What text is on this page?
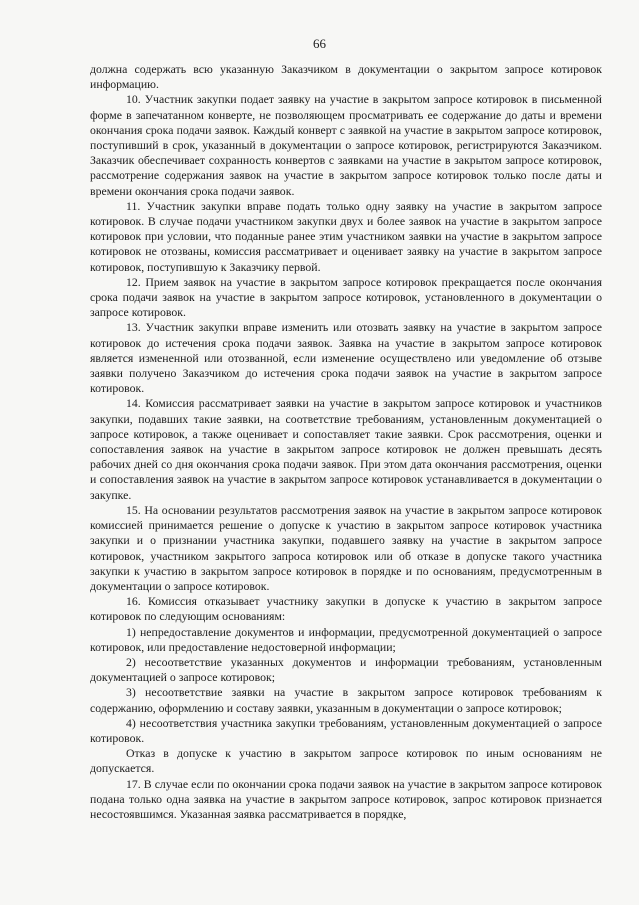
66

должна содержать всю указанную Заказчиком в документации о закрытом запросе котировок информацию.

10. Участник закупки подает заявку на участие в закрытом запросе котировок в письменной форме в запечатанном конверте, не позволяющем просматривать ее содержание до даты и времени окончания срока подачи заявок. Каждый конверт с заявкой на участие в закрытом запросе котировок, поступивший в срок, указанный в документации о запросе котировок, регистрируются Заказчиком. Заказчик обеспечивает сохранность конвертов с заявками на участие в закрытом запросе котировок, рассмотрение содержания заявок на участие в закрытом запросе котировок только после даты и времени окончания срока подачи заявок.

11. Участник закупки вправе подать только одну заявку на участие в закрытом запросе котировок. В случае подачи участником закупки двух и более заявок на участие в закрытом запросе котировок при условии, что поданные ранее этим участником заявки на участие в закрытом запросе котировок не отозваны, комиссия рассматривает и оценивает заявку на участие в закрытом запросе котировок, поступившую к Заказчику первой.

12. Прием заявок на участие в закрытом запросе котировок прекращается после окончания срока подачи заявок на участие в закрытом запросе котировок, установленного в документации о запросе котировок.

13. Участник закупки вправе изменить или отозвать заявку на участие в закрытом запросе котировок до истечения срока подачи заявок. Заявка на участие в закрытом запросе котировок является измененной или отозванной, если изменение осуществлено или уведомление об отзыве заявки получено Заказчиком до истечения срока подачи заявок на участие в закрытом запросе котировок.

14. Комиссия рассматривает заявки на участие в закрытом запросе котировок и участников закупки, подавших такие заявки, на соответствие требованиям, установленным документацией о запросе котировок, а также оценивает и сопоставляет такие заявки. Срок рассмотрения, оценки и сопоставления заявок на участие в закрытом запросе котировок не должен превышать десять рабочих дней со дня окончания срока подачи заявок. При этом дата окончания рассмотрения, оценки и сопоставления заявок на участие в закрытом запросе котировок устанавливается в документации о закупке.

15. На основании результатов рассмотрения заявок на участие в закрытом запросе котировок комиссией принимается решение о допуске к участию в закрытом запросе котировок участника закупки и о признании участника закупки, подавшего заявку на участие в закрытом запросе котировок, участником закрытого запроса котировок или об отказе в допуске такого участника закупки к участию в закрытом запросе котировок в порядке и по основаниям, предусмотренным в документации о запросе котировок.

16. Комиссия отказывает участнику закупки в допуске к участию в закрытом запросе котировок по следующим основаниям:

1) непредоставление документов и информации, предусмотренной документацией о запросе котировок, или предоставление недостоверной информации;

2) несоответствие указанных документов и информации требованиям, установленным документацией о запросе котировок;

3) несоответствие заявки на участие в закрытом запросе котировок требованиям к содержанию, оформлению и составу заявки, указанным в документации о запросе котировок;

4) несоответствия участника закупки требованиям, установленным документацией о запросе котировок.

Отказ в допуске к участию в закрытом запросе котировок по иным основаниям не допускается.

17. В случае если по окончании срока подачи заявок на участие в закрытом запросе котировок подана только одна заявка на участие в закрытом запросе котировок, запрос котировок признается несостоявшимся. Указанная заявка рассматривается в порядке,
